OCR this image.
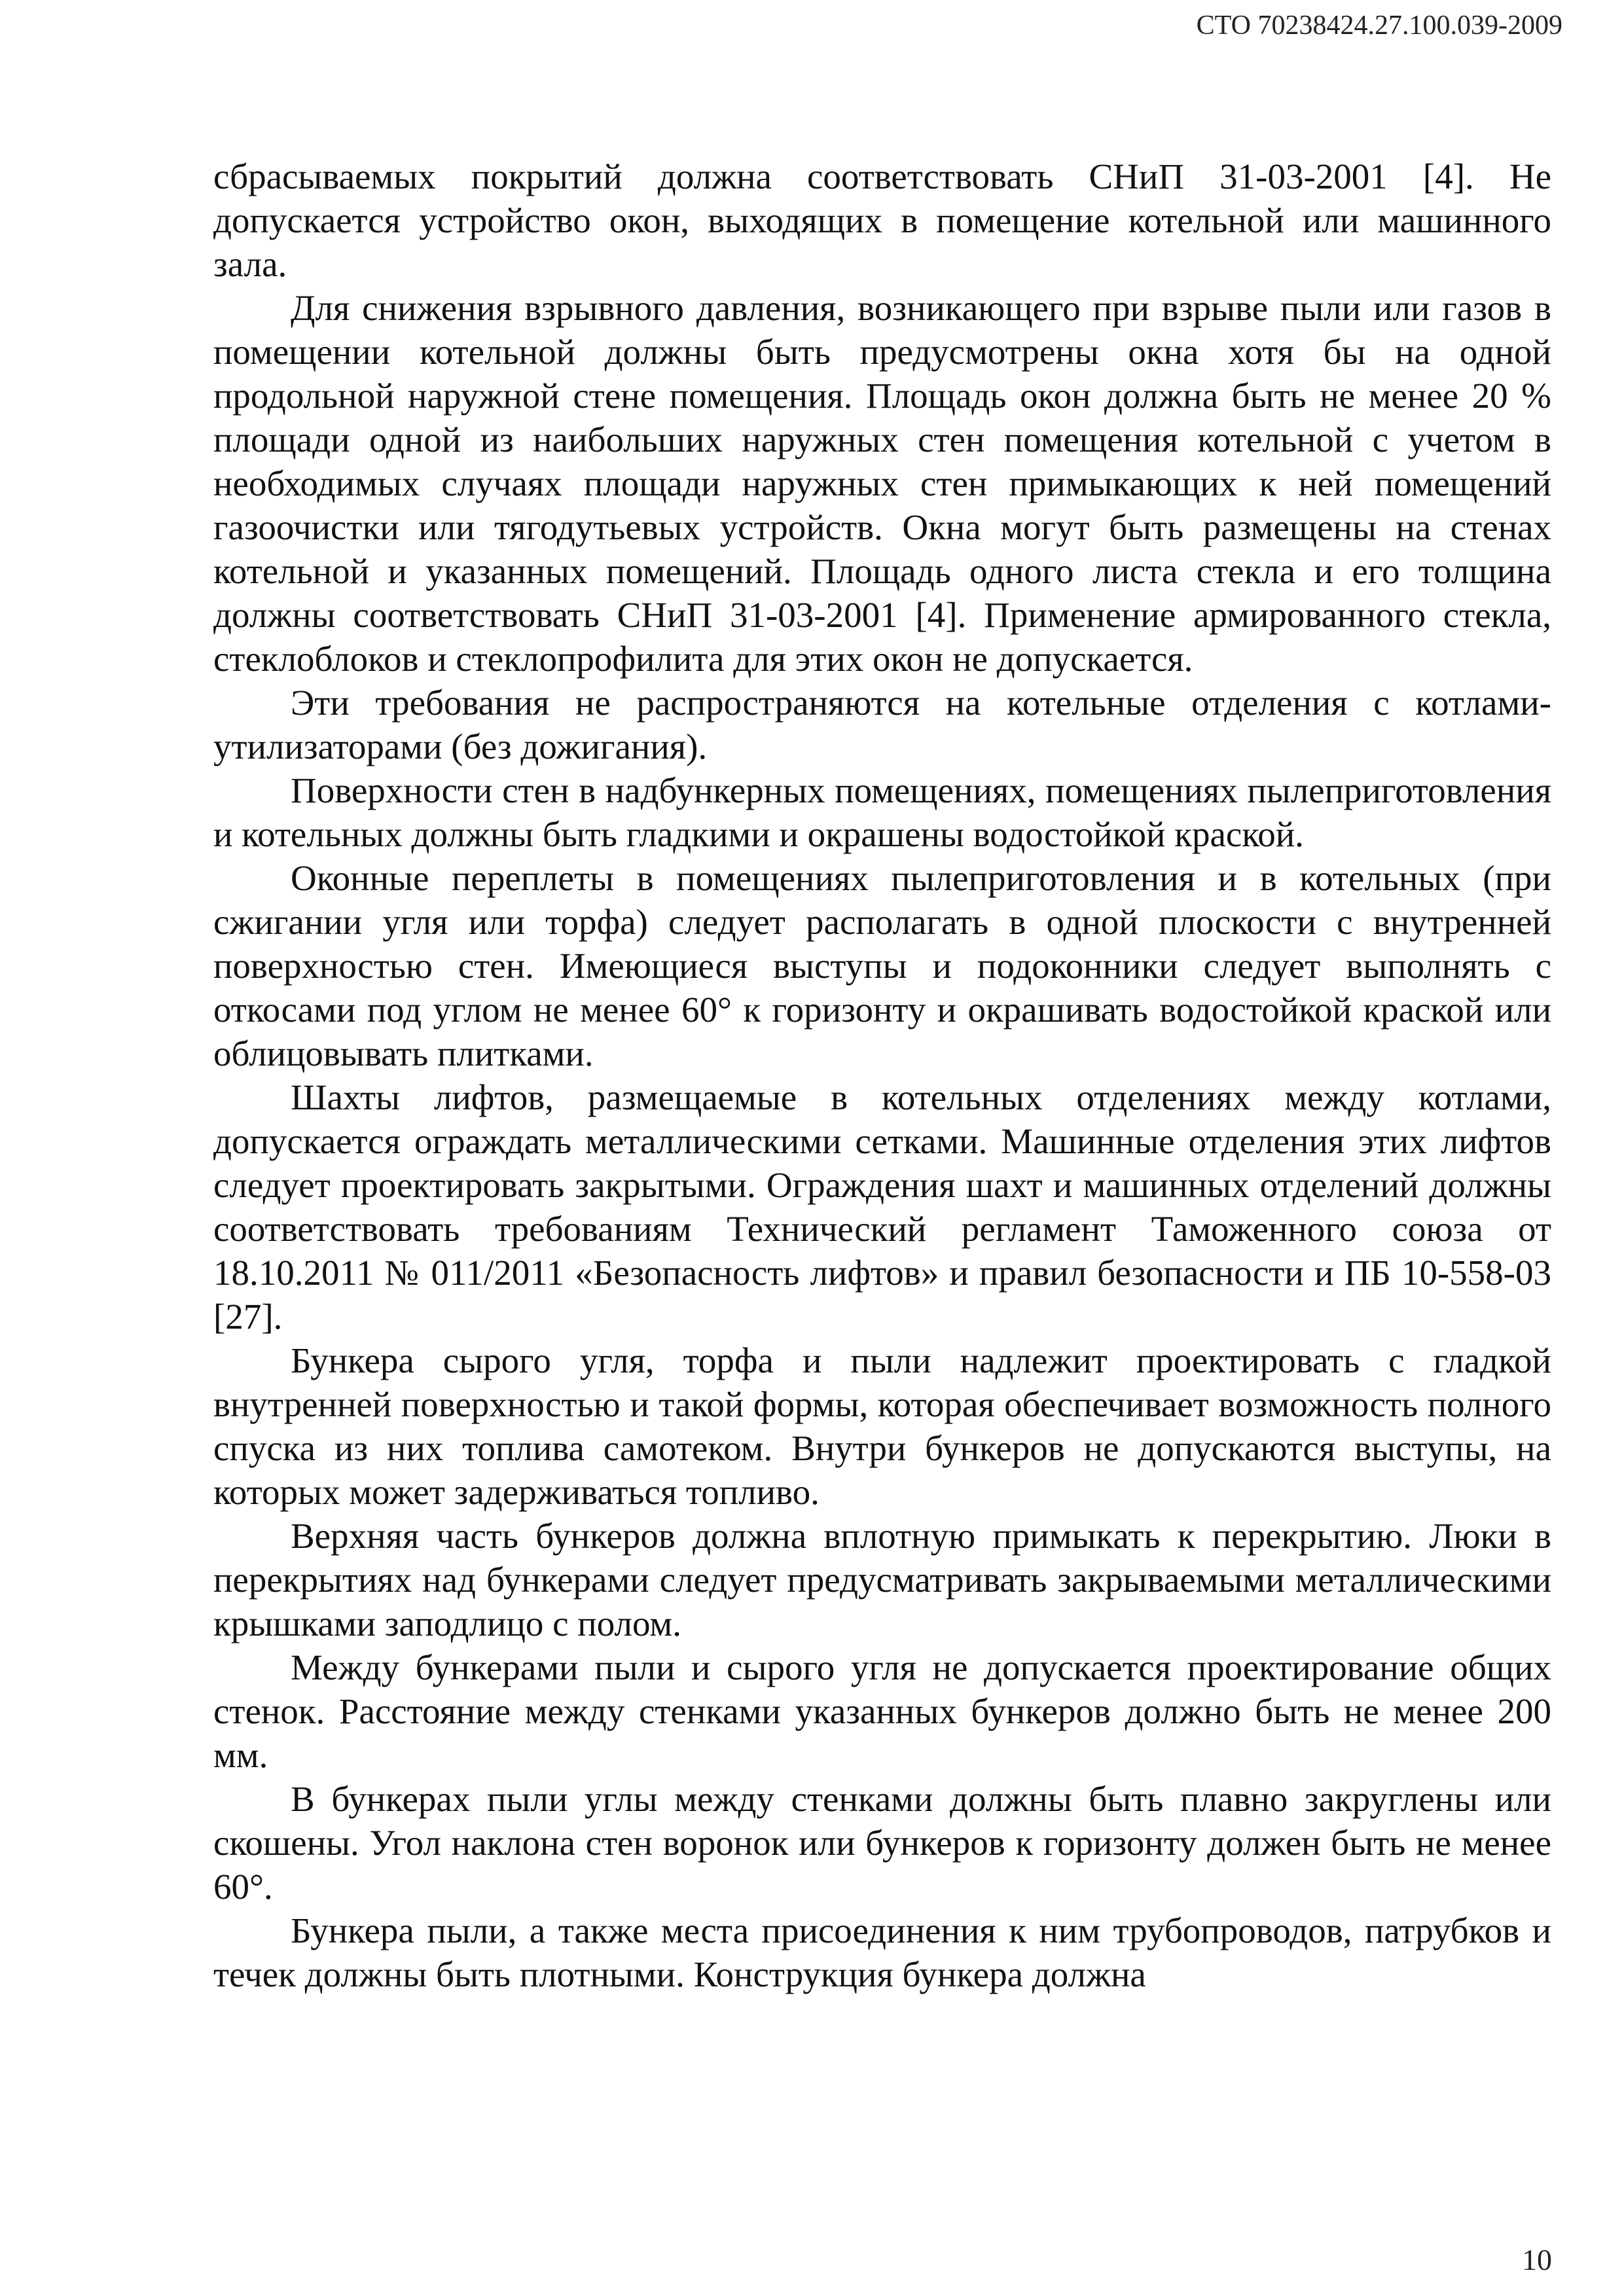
СТО 70238424.27.100.039-2009

сбрасываемых покрытий должна соответствовать СНиП 31-03-2001 [4]. Не допускается устройство окон, выходящих в помещение котельной или машинного зала.

Для снижения взрывного давления, возникающего при взрыве пыли или газов в помещении котельной должны быть предусмотрены окна хотя бы на одной продольной наружной стене помещения. Площадь окон должна быть не менее 20 % площади одной из наибольших наружных стен помещения котельной с учетом в необходимых случаях площади наружных стен примыкающих к ней помещений газоочистки или тягодутьевых устройств. Окна могут быть размещены на стенах котельной и указанных помещений. Площадь одного листа стекла и его толщина должны соответствовать СНиП 31-03-2001 [4]. Применение армированного стекла, стеклоблоков и стеклопрофилита для этих окон не допускается.

Эти требования не распространяются на котельные отделения с котлами-утилизаторами (без дожигания).

Поверхности стен в надбункерных помещениях, помещениях пылеприготовления и котельных должны быть гладкими и окрашены водостойкой краской.

Оконные переплеты в помещениях пылеприготовления и в котельных (при сжигании угля или торфа) следует располагать в одной плоскости с внутренней поверхностью стен. Имеющиеся выступы и подоконники следует выполнять с откосами под углом не менее 60° к горизонту и окрашивать водостойкой краской или облицовывать плитками.

Шахты лифтов, размещаемые в котельных отделениях между котлами, допускается ограждать металлическими сетками. Машинные отделения этих лифтов следует проектировать закрытыми. Ограждения шахт и машинных отделений должны соответствовать требованиям Технический регламент Таможенного союза от 18.10.2011 № 011/2011 «Безопасность лифтов» и правил безопасности и ПБ 10-558-03 [27].

Бункера сырого угля, торфа и пыли надлежит проектировать с гладкой внутренней поверхностью и такой формы, которая обеспечивает возможность полного спуска из них топлива самотеком. Внутри бункеров не допускаются выступы, на которых может задерживаться топливо.

Верхняя часть бункеров должна вплотную примыкать к перекрытию. Люки в перекрытиях над бункерами следует предусматривать закрываемыми металлическими крышками заподлицо с полом.

Между бункерами пыли и сырого угля не допускается проектирование общих стенок. Расстояние между стенками указанных бункеров должно быть не менее 200 мм.

В бункерах пыли углы между стенками должны быть плавно закруглены или скошены. Угол наклона стен воронок или бункеров к горизонту должен быть не менее 60°.

Бункера пыли, а также места присоединения к ним трубопроводов, патрубков и течек должны быть плотными. Конструкция бункера должна

10
